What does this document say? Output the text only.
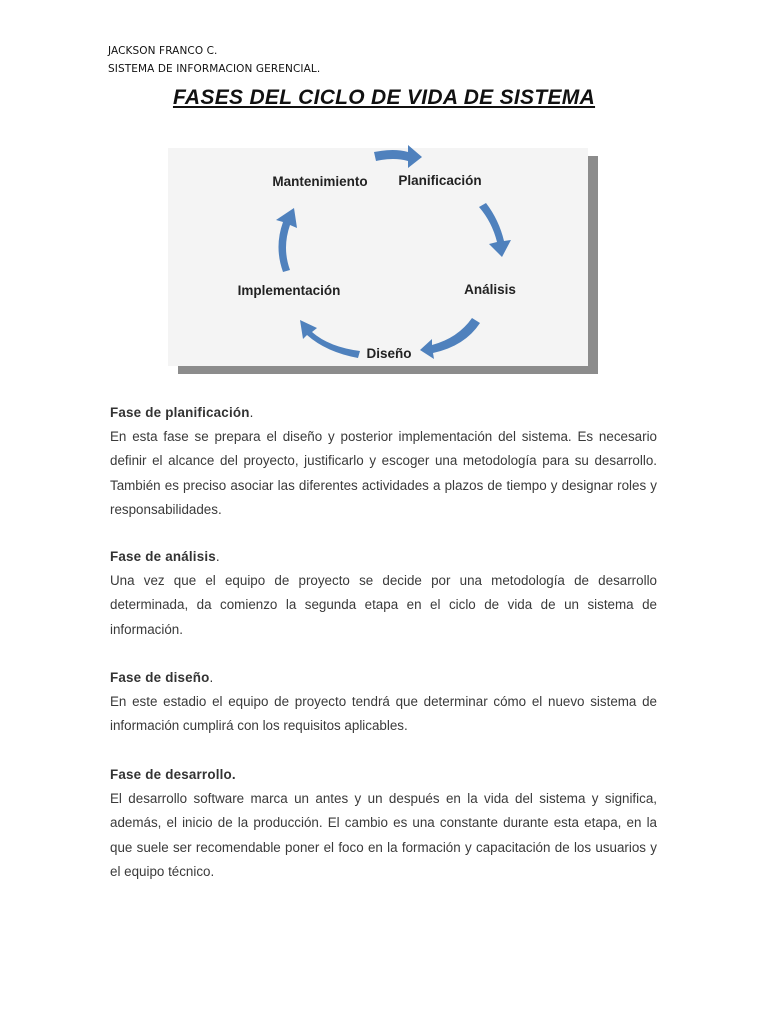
JACKSON FRANCO C.
SISTEMA DE INFORMACION GERENCIAL.
FASES DEL CICLO DE VIDA DE SISTEMA
Planificación
Análisis
Diseño
Implementación
Mantenimiento
Fase de planificación.
En esta fase se prepara el diseño y posterior implementación del sistema. Es necesario definir el alcance del proyecto, justificarlo y escoger una metodología para su desarrollo. También es preciso asociar las diferentes actividades a plazos de tiempo y designar roles y responsabilidades.
Fase de análisis.
Una vez que el equipo de proyecto se decide por una metodología de desarrollo determinada, da comienzo la segunda etapa en el ciclo de vida de un sistema de información.
Fase de diseño.
En este estadio el equipo de proyecto tendrá que determinar cómo el nuevo sistema de información cumplirá con los requisitos aplicables.
Fase de desarrollo.
El desarrollo software marca un antes y un después en la vida del sistema y significa, además, el inicio de la producción. El cambio es una constante durante esta etapa, en la que suele ser recomendable poner el foco en la formación y capacitación de los usuarios y el equipo técnico.
